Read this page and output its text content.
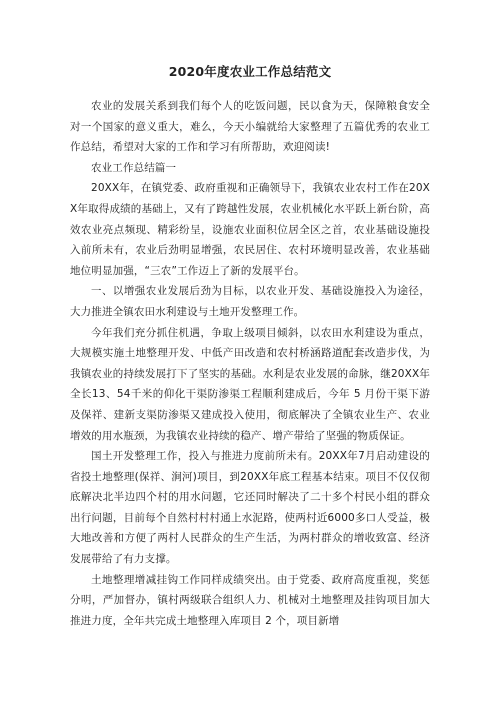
2020年度农业工作总结范文

农业的发展关系到我们每个人的吃饭问题，民以食为天，保障粮食安全对一个国家的意义重大，难么，今天小编就给大家整理了五篇优秀的农业工作总结，希望对大家的工作和学习有所帮助，欢迎阅读!

农业工作总结篇一

20XX年，在镇党委、政府重视和正确领导下，我镇农业农村工作在20XX年取得成绩的基础上，又有了跨越性发展，农业机械化水平跃上新台阶，高效农业亮点频现、精彩纷呈，设施农业面积位居全区之首，农业基础设施投入前所未有，农业后劲明显增强，农民居住、农村环境明显改善，农业基础地位明显加强，“三农”工作迈上了新的发展平台。

一、以增强农业发展后劲为目标，以农业开发、基础设施投入为途径，大力推进全镇农田水利建设与土地开发整理工作。

今年我们充分抓住机遇，争取上级项目倾斜，以农田水利建设为重点，大规模实施土地整理开发、中低产田改造和农村桥涵路道配套改造步伐，为我镇农业的持续发展打下了坚实的基础。水利是农业发展的命脉，继20XX年全长13、54千米的仰化干渠防渗渠工程顺利建成后，今年 5 月份干渠下游及保祥、建新支渠防渗渠又建成投入使用，彻底解决了全镇农业生产、农业增效的用水瓶颈，为我镇农业持续的稳产、增产带给了坚强的物质保证。

国土开发整理工作，投入与推进力度前所未有。20XX年7月启动建设的省投土地整理(保祥、涧河)项目，到20XX年底工程基本结束。项目不仅仅彻底解决北半边四个村的用水问题，它还同时解决了二十多个村民小组的群众出行问题，目前每个自然村村村通上水泥路，使两村近6000多口人受益，极大地改善和方便了两村人民群众的生产生活，为两村群众的增收致富、经济发展带给了有力支撑。

土地整理增减挂钩工作同样成绩突出。由于党委、政府高度重视，奖惩分明，严加督办，镇村两级联合组织人力、机械对土地整理及挂钩项目加大推进力度，全年共完成土地整理入库项目 2 个，项目新增
